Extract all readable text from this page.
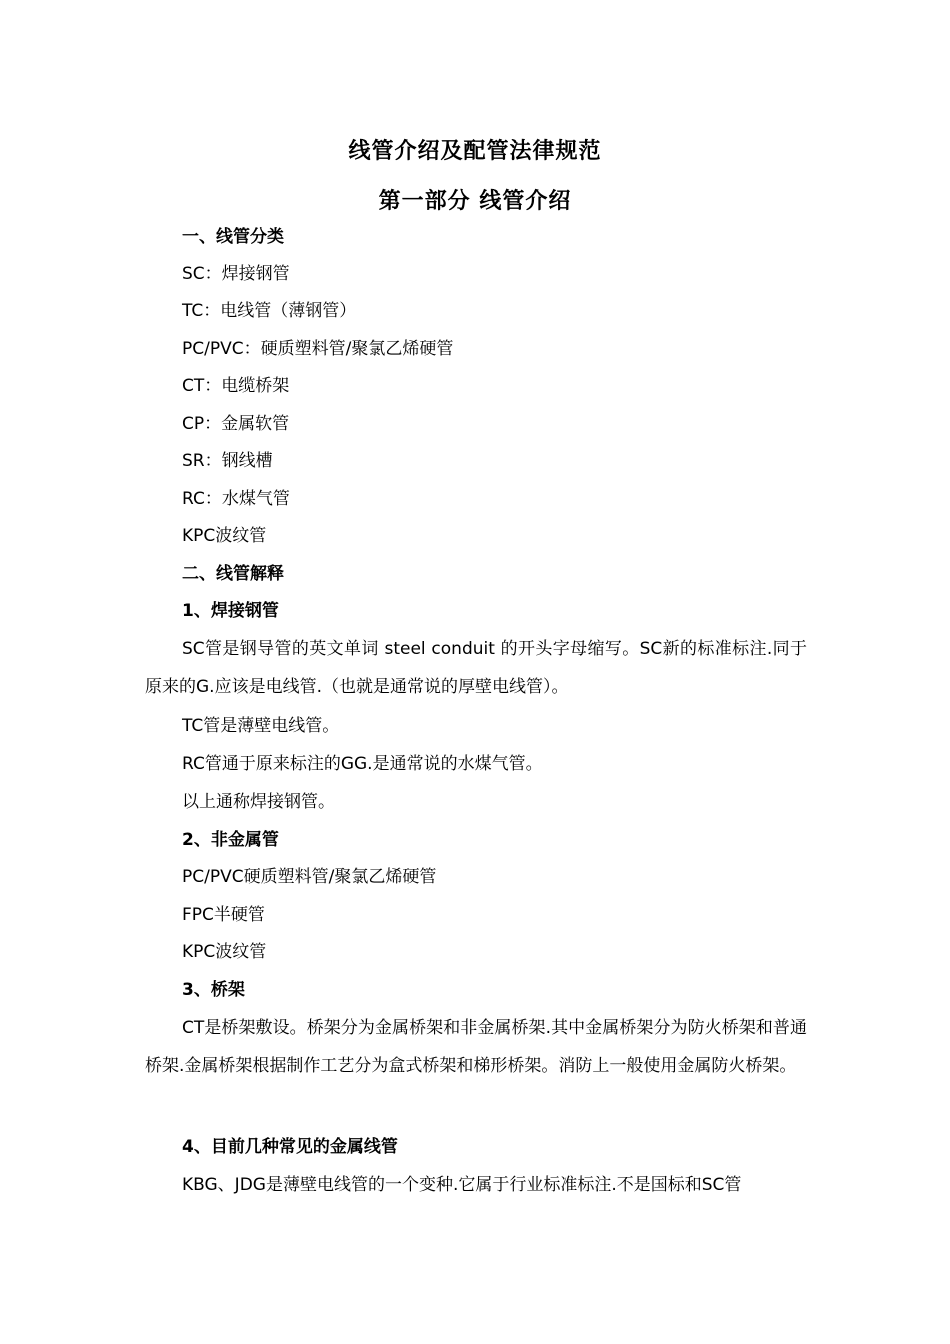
线管介绍及配管法律规范
第一部分 线管介绍
一、线管分类
SC：焊接钢管
TC：电线管（薄钢管）
PC/PVC：硬质塑料管/聚氯乙烯硬管
CT：电缆桥架
CP：金属软管
SR：钢线槽
RC：水煤气管
KPC波纹管
二、线管解释
1、焊接钢管
SC管是钢导管的英文单词 steel conduit 的开头字母缩写。SC新的标准标注.同于原来的G.应该是电线管.（也就是通常说的厚壁电线管）。
TC管是薄壁电线管。
RC管通于原来标注的GG.是通常说的水煤气管。
以上通称焊接钢管。
2、非金属管
PC/PVC硬质塑料管/聚氯乙烯硬管
FPC半硬管
KPC波纹管
3、桥架
CT是桥架敷设。桥架分为金属桥架和非金属桥架.其中金属桥架分为防火桥架和普通桥架.金属桥架根据制作工艺分为盒式桥架和梯形桥架。消防上一般使用金属防火桥架。
4、目前几种常见的金属线管
KBG、JDG是薄壁电线管的一个变种.它属于行业标准标注.不是国标和SC管
